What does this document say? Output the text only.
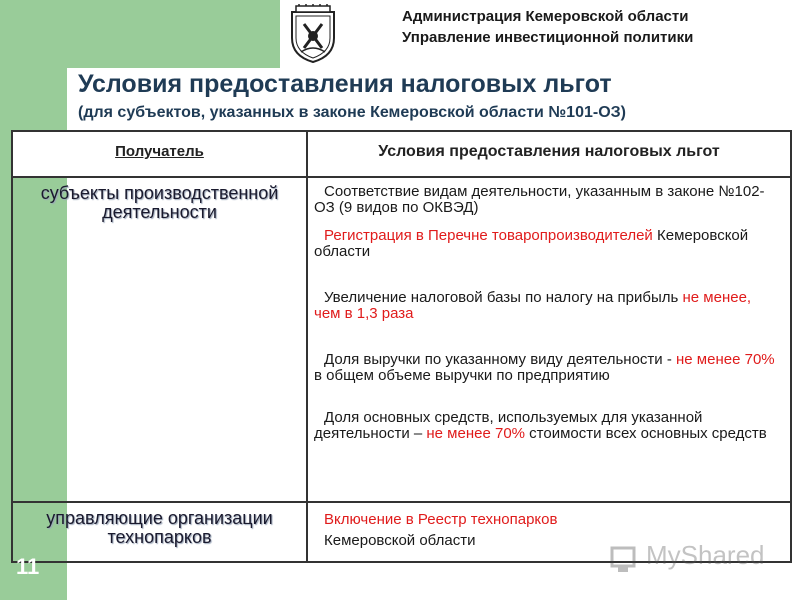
Администрация Кемеровской области
Управление инвестиционной политики
Условия предоставления налоговых льгот
(для субъектов, указанных в законе Кемеровской области №101-ОЗ)
Получатель	Условия предоставления налоговых льгот
субъекты производственной деятельности	Соответствие видам деятельности, указанным в законе №102-ОЗ (9 видов по ОКВЭД)
Регистрация в Перечне товаропроизводителей Кемеровской области
Увеличение налоговой базы по налогу на прибыль не менее, чем в 1,3 раза
Доля выручки по указанному виду деятельности - не менее 70% в общем объеме выручки по предприятию
Доля основных средств, используемых для указанной деятельности – не менее 70% стоимости всех основных средств

управляющие организации технопарков	Включение в Реестр технопарков
Кемеровской области
11	MyShared
